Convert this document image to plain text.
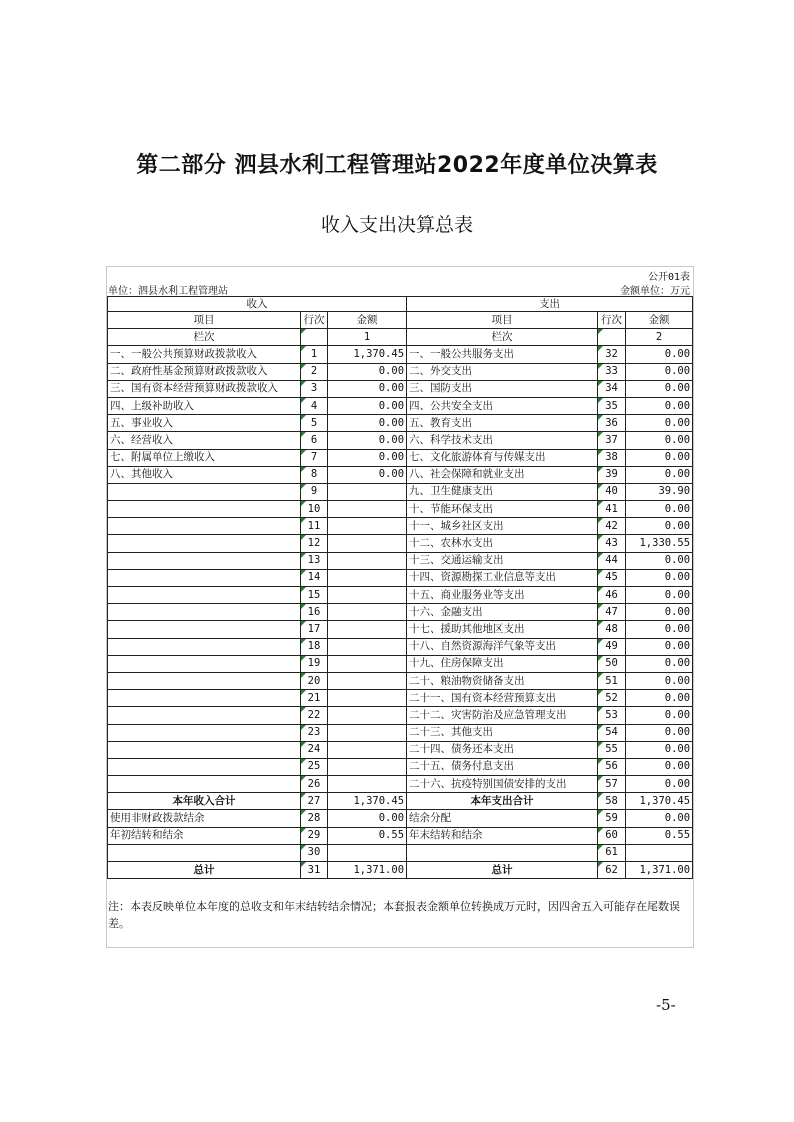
第二部分 泗县水利工程管理站2022年度单位决算表
收入支出决算总表
公开01表
单位：泗县水利工程管理站	金额单位：万元
收入			支出		
项目	行次	金额	项目	行次	金额
栏次		1	栏次		2
一、一般公共预算财政拨款收入	1	1,370.45	一、一般公共服务支出	32	0.00
二、政府性基金预算财政拨款收入	2	0.00	二、外交支出	33	0.00
三、国有资本经营预算财政拨款收入	3	0.00	三、国防支出	34	0.00
四、上级补助收入	4	0.00	四、公共安全支出	35	0.00
五、事业收入	5	0.00	五、教育支出	36	0.00
六、经营收入	6	0.00	六、科学技术支出	37	0.00
七、附属单位上缴收入	7	0.00	七、文化旅游体育与传媒支出	38	0.00
八、其他收入	8	0.00	八、社会保障和就业支出	39	0.00
	9		九、卫生健康支出	40	39.90
	10		十、节能环保支出	41	0.00
	11		十一、城乡社区支出	42	0.00
	12		十二、农林水支出	43	1,330.55
	13		十三、交通运输支出	44	0.00
	14		十四、资源勘探工业信息等支出	45	0.00
	15		十五、商业服务业等支出	46	0.00
	16		十六、金融支出	47	0.00
	17		十七、援助其他地区支出	48	0.00
	18		十八、自然资源海洋气象等支出	49	0.00
	19		十九、住房保障支出	50	0.00
	20		二十、粮油物资储备支出	51	0.00
	21		二十一、国有资本经营预算支出	52	0.00
	22		二十二、灾害防治及应急管理支出	53	0.00
	23		二十三、其他支出	54	0.00
	24		二十四、债务还本支出	55	0.00
	25		二十五、债务付息支出	56	0.00
	26		二十六、抗疫特别国债安排的支出	57	0.00
本年收入合计	27	1,370.45	本年支出合计	58	1,370.45
使用非财政拨款结余	28	0.00	结余分配	59	0.00
年初结转和结余	29	0.55	年末结转和结余	60	0.55
	30			61	
总计	31	1,371.00	总计	62	1,371.00
注：本表反映单位本年度的总收支和年末结转结余情况；本套报表金额单位转换成万元时，因四舍五入可能存在尾数误差。
-5-
